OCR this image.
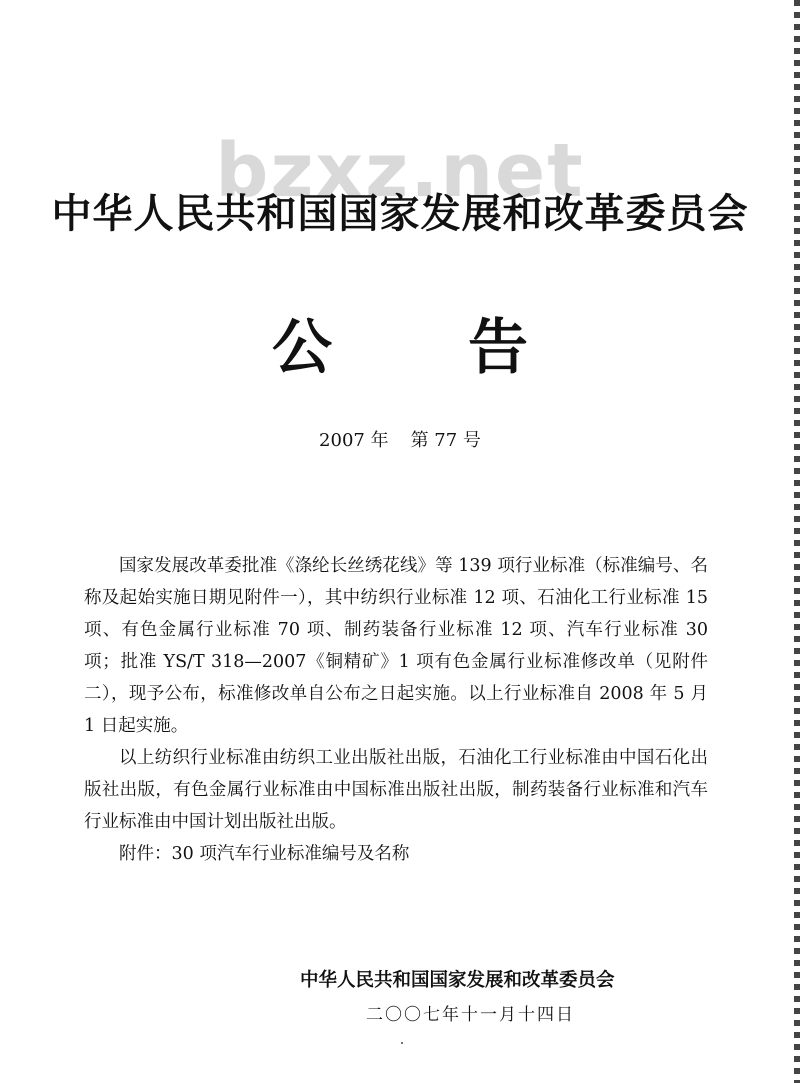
bzxz.net
中华人民共和国国家发展和改革委员会
公 告
2007 年 第 77 号

国家发展改革委批准《涤纶长丝绣花线》等 139 项行业标准（标准编号、名称及起始实施日期见附件一），其中纺织行业标准 12 项、石油化工行业标准 15 项、有色金属行业标准 70 项、制药装备行业标准 12 项、汽车行业标准 30 项；批准 YS/T 318—2007《铜精矿》1 项有色金属行业标准修改单（见附件二），现予公布，标准修改单自公布之日起实施。以上行业标准自 2008 年 5 月 1 日起实施。

以上纺织行业标准由纺织工业出版社出版，石油化工行业标准由中国石化出版社出版，有色金属行业标准由中国标准出版社出版，制药装备行业标准和汽车行业标准由中国计划出版社出版。

附件：30 项汽车行业标准编号及名称

中华人民共和国国家发展和改革委员会
二〇〇七年十一月十四日
